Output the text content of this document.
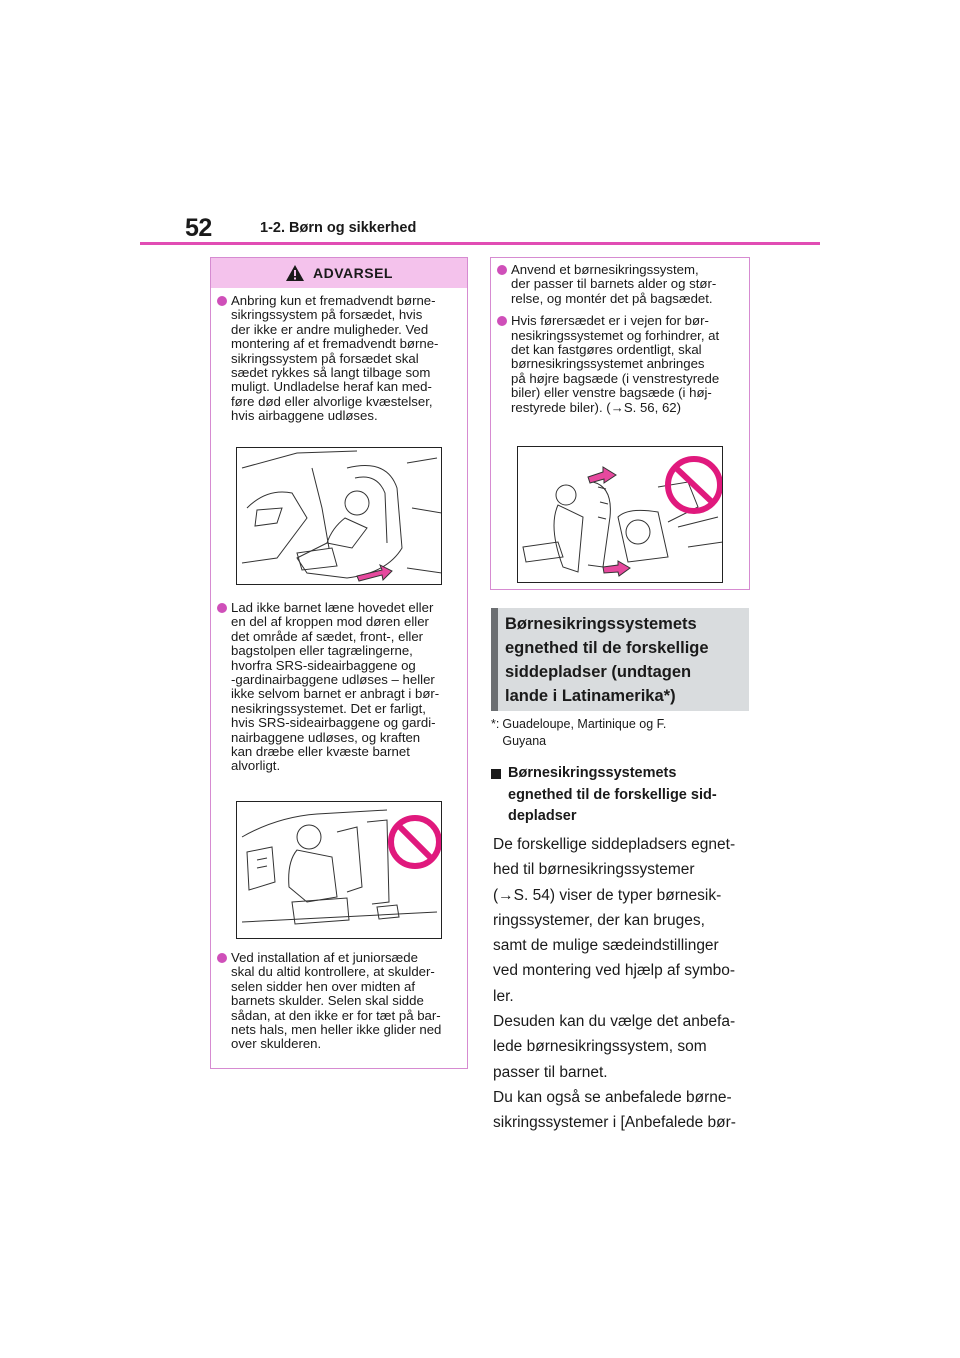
52	1-2. Børn og sikkerhed
ADVARSEL
Anbring kun et fremadvendt børne-
sikringssystem på forsædet, hvis
der ikke er andre muligheder. Ved
montering af et fremadvendt børne-
sikringssystem på forsædet skal
sædet rykkes så langt tilbage som
muligt. Undladelse heraf kan med-
føre død eller alvorlige kvæstelser,
hvis airbaggene udløses.
Lad ikke barnet læne hovedet eller
en del af kroppen mod døren eller
det område af sædet, front-, eller
bagstolpen eller tagrælingerne,
hvorfra SRS-sideairbaggene og
-gardinairbaggene udløses – heller
ikke selvom barnet er anbragt i bør-
nesikringssystemet. Det er farligt,
hvis SRS-sideairbaggene og gardi-
nairbaggene udløses, og kraften
kan dræbe eller kvæste barnet
alvorligt.
Ved installation af et juniorsæde
skal du altid kontrollere, at skulder-
selen sidder hen over midten af
barnets skulder. Selen skal sidde
sådan, at den ikke er for tæt på bar-
nets hals, men heller ikke glider ned
over skulderen.
Anvend et børnesikringssystem,
der passer til barnets alder og stør-
relse, og montér det på bagsædet.
Hvis førersædet er i vejen for bør-
nesikringssystemet og forhindrer, at
det kan fastgøres ordentligt, skal
børnesikringssystemet anbringes
på højre bagsæde (i venstrestyrede
biler) eller venstre bagsæde (i høj-
restyrede biler). (→S. 56, 62)
Børnesikringssystemets
egnethed til de forskellige
siddepladser (undtagen
lande i Latinamerika*)
*: Guadeloupe, Martinique og F.
Guyana
Børnesikringssystemets
egnethed til de forskellige sid-
depladser
De forskellige siddepladsers egnet-
hed til børnesikringssystemer
(→S. 54) viser de typer børnesik-
ringssystemer, der kan bruges,
samt de mulige sædeindstillinger
ved montering ved hjælp af symbo-
ler.
Desuden kan du vælge det anbefa-
lede børnesikringssystem, som
passer til barnet.
Du kan også se anbefalede børne-
sikringssystemer i [Anbefalede bør-
